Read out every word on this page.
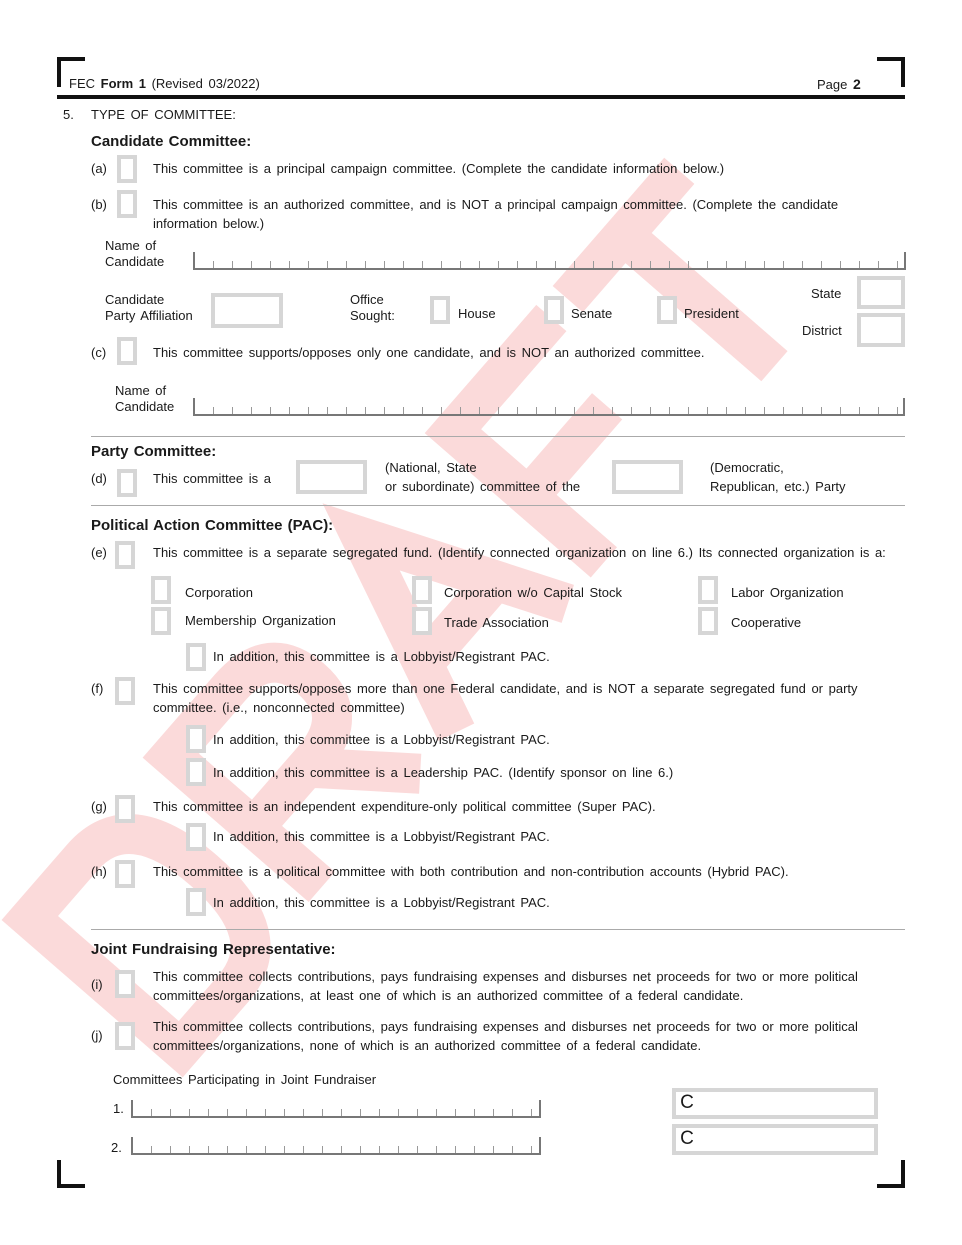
FEC Form 1 (Revised 03/2022)	Page 2
5. TYPE OF COMMITTEE:
Candidate Committee:
(a)	This committee is a principal campaign committee. (Complete the candidate information below.)
(b)	This committee is an authorized committee, and is NOT a principal campaign committee. (Complete the candidate
information below.)
Name of
Candidate
Candidate
Party Affiliation
Office
Sought:	House	Senate	President
State
District
(c)	This committee supports/opposes only one candidate, and is NOT an authorized committee.
Name of
Candidate
Party Committee:
(d)	This committee is a
(National, State
or subordinate) committee of the
(Democratic,
Republican, etc.) Party
Political Action Committee (PAC):
(e)	This committee is a separate segregated fund. (Identify connected organization on line 6.) Its connected organization is a:
Corporation	Corporation w/o Capital Stock	Labor Organization
Membership Organization	Trade Association	Cooperative
In addition, this committee is a Lobbyist/Registrant PAC.
(f)	This committee supports/opposes more than one Federal candidate, and is NOT a separate segregated fund or party
committee. (i.e., nonconnected committee)
In addition, this committee is a Lobbyist/Registrant PAC.
In addition, this committee is a Leadership PAC. (Identify sponsor on line 6.)
(g)	This committee is an independent expenditure-only political committee (Super PAC).
In addition, this committee is a Lobbyist/Registrant PAC.
(h)	This committee is a political committee with both contribution and non-contribution accounts (Hybrid PAC).
In addition, this committee is a Lobbyist/Registrant PAC.
Joint Fundraising Representative:
(i)
This committee collects contributions, pays fundraising expenses and disburses net proceeds for two or more political
committees/organizations, at least one of which is an authorized committee of a federal candidate.
(j)
This committee collects contributions, pays fundraising expenses and disburses net proceeds for two or more political
committees/organizations, none of which is an authorized committee of a federal candidate.
Committees Participating in Joint Fundraiser
1.	C
2.	C
